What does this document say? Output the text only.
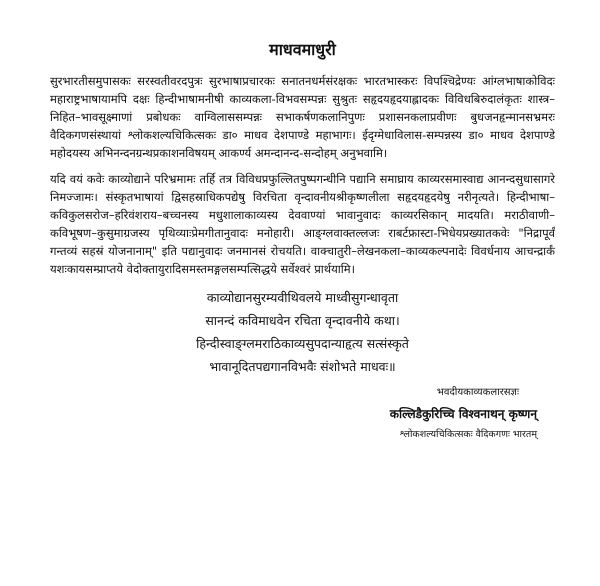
माधवमाधुरी

सुरभारतीसमुपासकः सरस्वतीवरदपुत्रः सुरभाषाप्रचारकः सनातनधर्मसंरक्षकः भारतभास्करः विपश्चिद्रेण्यः आंग्लभाषाकोविदः महाराष्ट्रभाषायामपि दक्षः हिन्दीभाषामनीषी काव्यकला-विभवसम्पन्नः सुश्रुतः सहृदयहृदयाह्लादकः विविधबिरुदालंकृतः शास्त्र–निहित–भावसूक्ष्माणां प्रबोधकः वाग्विलाससम्पन्नः सभाकर्षणकलानिपुणः प्रशासनकलाप्रवीणः बुधजनहृन्मानसभ्रमरः वैदिकगणसंस्थायां श्लोकशल्यचिकित्सकः डा० माधव देशपाण्डे महाभागः। ईदृग्मेधाविलास-सम्पन्नस्य डा० माधव देशपाण्डे महोदयस्य अभिनन्दनग्रन्थप्रकाशनविषयम् आकर्ण्य अमन्दानन्द-सन्दोहम् अनुभवामि।

यदि वयं कवेः काव्योद्याने परिभ्रमामः तर्हि तत्र विविधप्रफुल्लितपुष्पगन्धीनि पद्यानि समाघ्राय काव्यरसमास्वाद्य आनन्दसुधासागरे निमज्जामः। संस्कृतभाषायां द्विसहस्राधिकपद्येषु विरचिता वृन्दावनीयश्रीकृष्णलीला सहृदयहृदयेषु नरीनृत्यते। हिन्दीभाषा–कविकुलसरोज–हरिवंशराय–बच्चनस्य मधुशालाकाव्यस्य देववाण्यां भावानुवादः काव्यरसिकान् मादयति। मराठीवाणी–कविभूषण–कुसुमाग्रजस्य पृथिव्याःप्रेमगीतानुवादः मनोहारी। आङ्ग्लवाक्तल्लजः राबर्टफ्रास्टा-भिधेयप्रख्यातकवेः "निद्रापूर्वं गन्तव्यं सहस्रं योजनानाम्" इति पद्यानुवादः जनमानसं रोचयति। वाक्चातुरी–लेखनकला–काव्यकल्पनादेः विवर्धनाय आचन्द्रार्कं यशःकायसम्प्राप्तये वेदोक्तायुरादिसमस्तमङ्गलसम्पत्सिद्धये सर्वेश्वरं प्रार्थयामि।

काव्योद्यानसुरम्यवीथिवलये माध्वीसुगन्धावृता
सानन्दं कविमाधवेन रचिता वृन्दावनीये कथा।
हिन्दीस्वाङ्ग्लमराठिकाव्यसुपदान्याहृत्य सत्संस्कृते
भावानूदितपद्यगानविभवैः संशोभते माधवः॥
भवदीयकाव्यकलारसज्ञः
कल्लिडैकुरिच्चि विश्वनाथन् कृष्णन्
श्लोकशल्यचिकित्सकः वैदिकगणः भारतम्
